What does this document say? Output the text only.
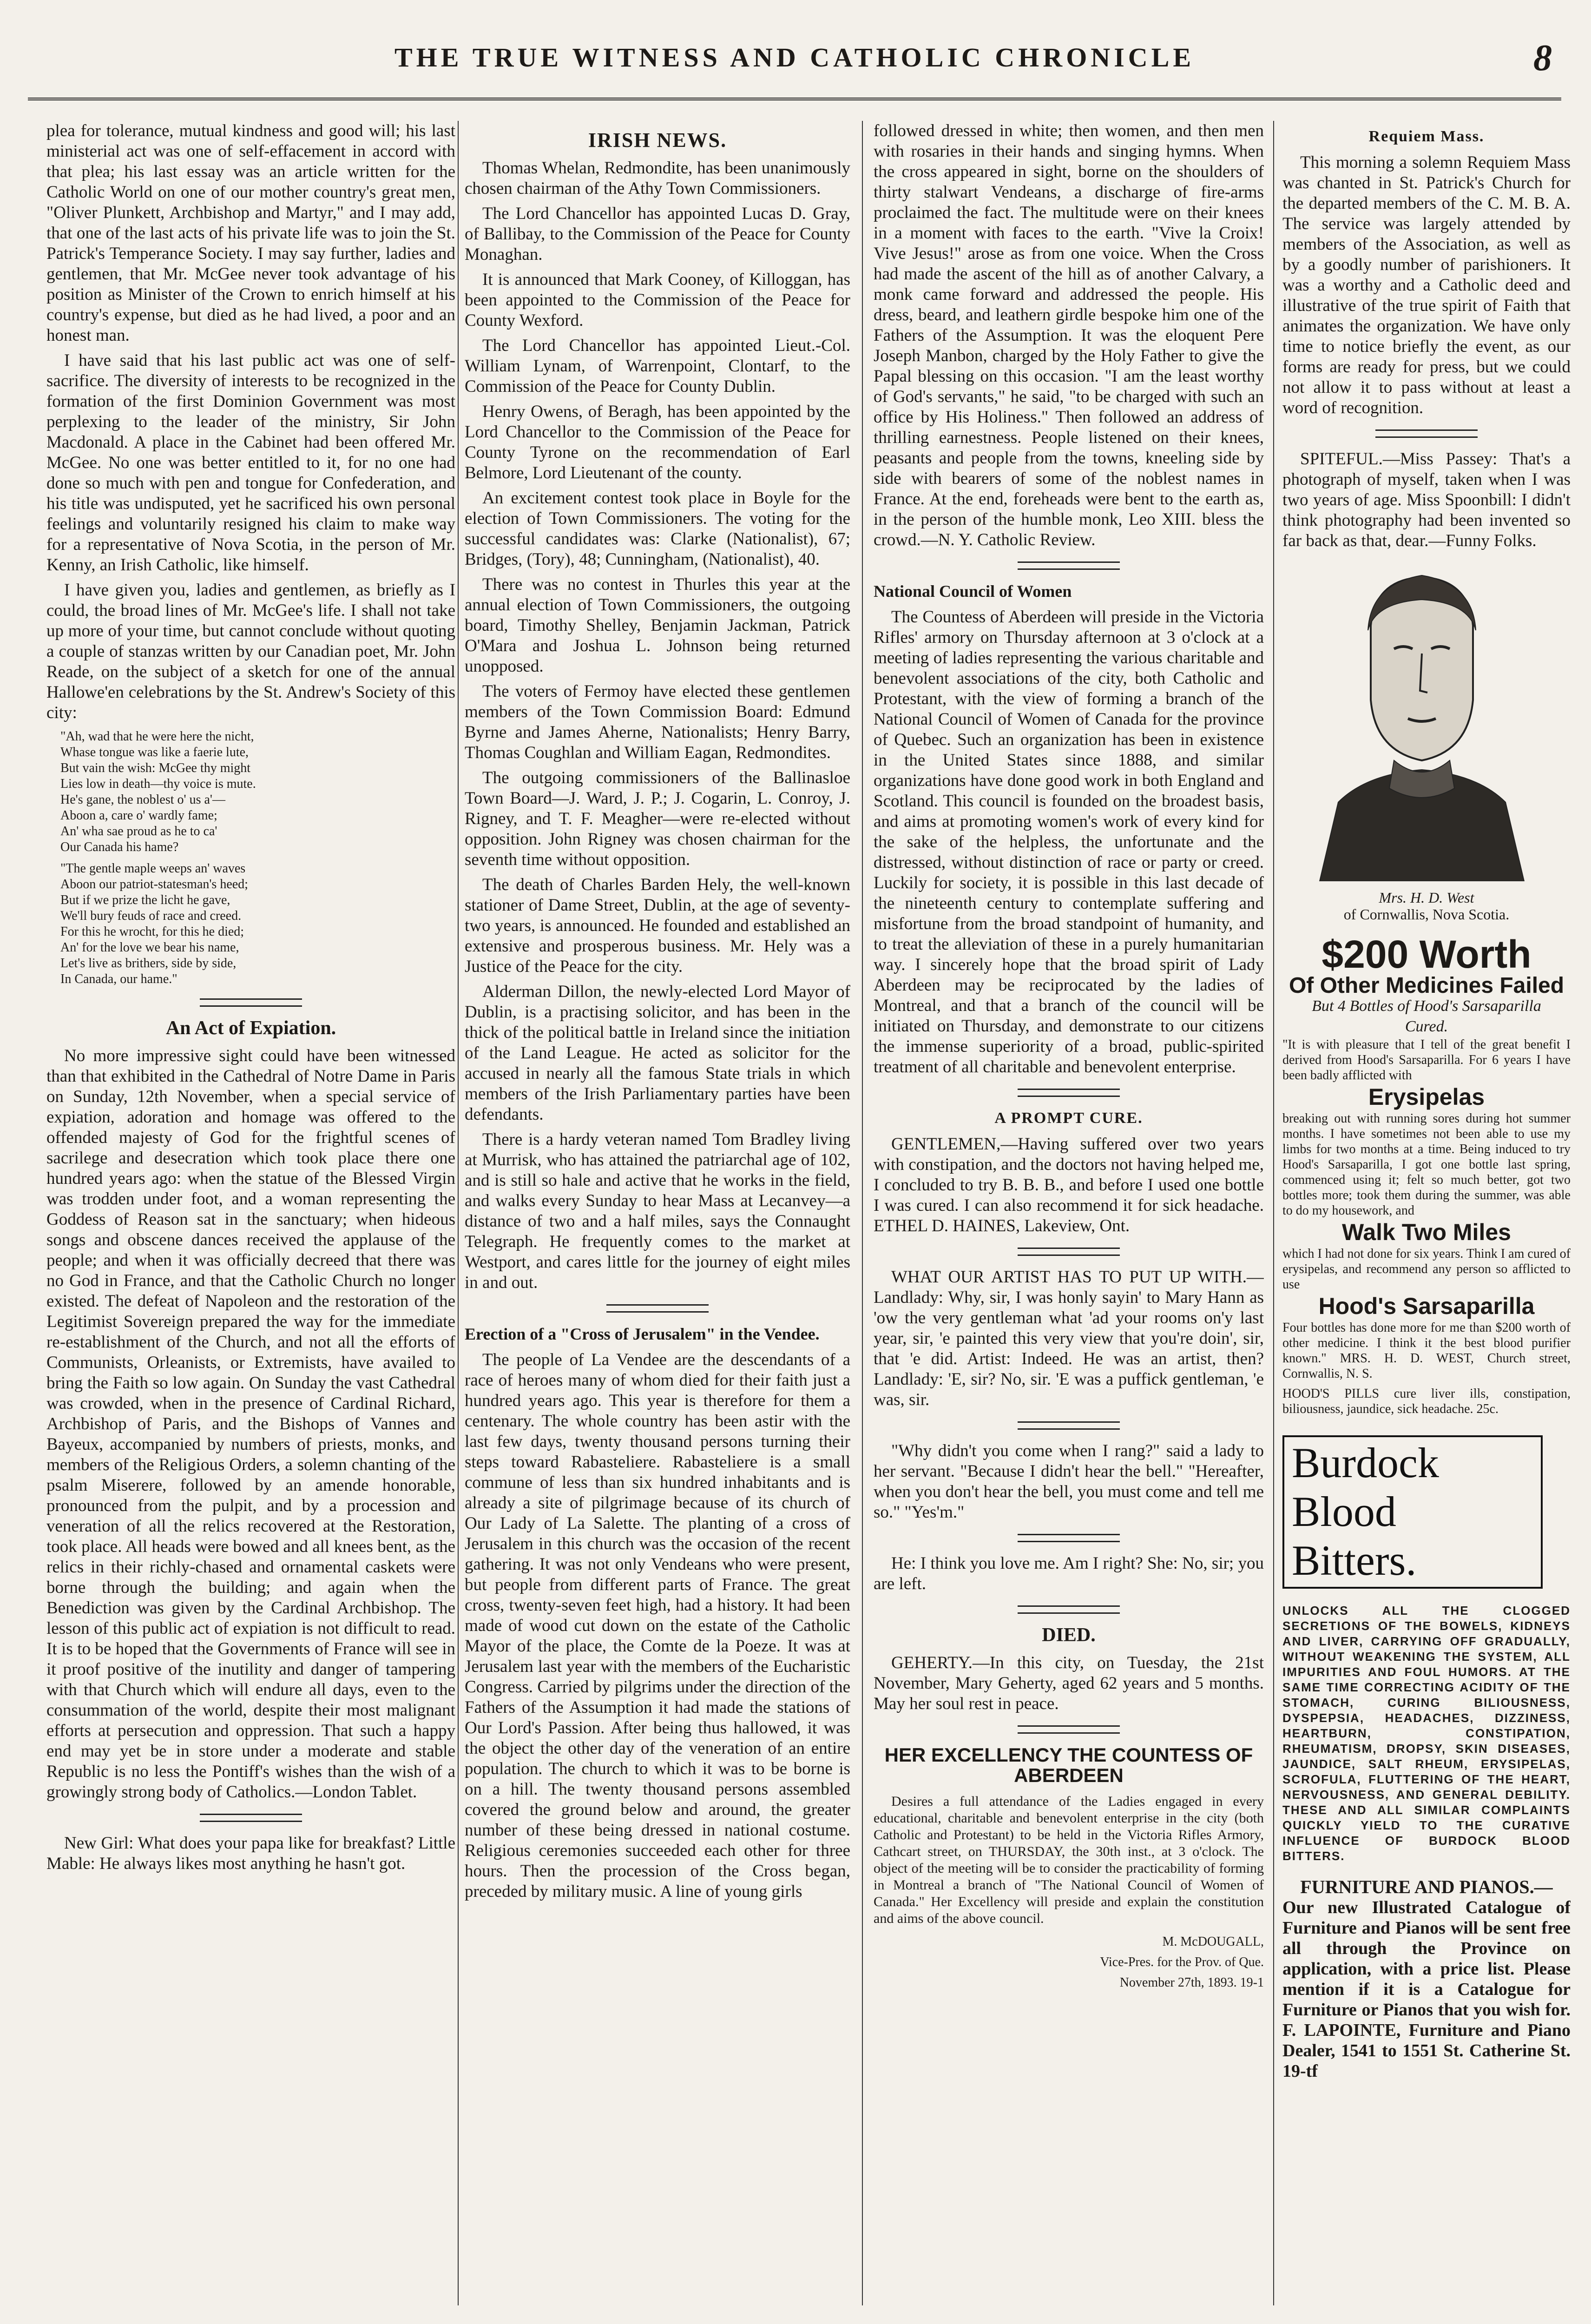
THE TRUE WITNESS AND CATHOLIC CHRONICLE	8

plea for tolerance, mutual kindness and good will; his last ministerial act was one of self-effacement in accord with that plea; his last essay was an article written for the Catholic World on one of our mother country's great men, "Oliver Plunkett, Archbishop and Martyr," and I may add, that one of the last acts of his private life was to join the St. Patrick's Temperance Society. I may say further, ladies and gentlemen, that Mr. McGee never took advantage of his position as Minister of the Crown to enrich himself at his country's expense, but died as he had lived, a poor and an honest man.

I have said that his last public act was one of self-sacrifice. The diversity of interests to be recognized in the formation of the first Dominion Government was most perplexing to the leader of the ministry, Sir John Macdonald. A place in the Cabinet had been offered Mr. McGee. No one was better entitled to it, for no one had done so much with pen and tongue for Confederation, and his title was undisputed, yet he sacrificed his own personal feelings and voluntarily resigned his claim to make way for a representative of Nova Scotia, in the person of Mr. Kenny, an Irish Catholic, like himself.

I have given you, ladies and gentlemen, as briefly as I could, the broad lines of Mr. McGee's life. I shall not take up more of your time, but cannot conclude without quoting a couple of stanzas written by our Canadian poet, Mr. John Reade, on the subject of a sketch for one of the annual Hallowe'en celebrations by the St. Andrew's Society of this city:

"Ah, wad that he were here the nicht,
Whase tongue was like a faerie lute,
But vain the wish: McGee thy might
Lies low in death—thy voice is mute.
He's gane, the noblest o' us a'—
Aboon a, care o' wardly fame;
An' wha sae proud as he to ca'
Our Canada his hame?
"The gentle maple weeps an' waves
Aboon our patriot-statesman's heed;
But if we prize the licht he gave,
We'll bury feuds of race and creed.
For this he wrocht, for this he died;
An' for the love we bear his name,
Let's live as brithers, side by side,
In Canada, our hame."
An Act of Expiation.

No more impressive sight could have been witnessed than that exhibited in the Cathedral of Notre Dame in Paris on Sunday, 12th November, when a special service of expiation, adoration and homage was offered to the offended majesty of God for the frightful scenes of sacrilege and desecration which took place there one hundred years ago: when the statue of the Blessed Virgin was trodden under foot, and a woman representing the Goddess of Reason sat in the sanctuary; when hideous songs and obscene dances received the applause of the people; and when it was officially decreed that there was no God in France, and that the Catholic Church no longer existed. The defeat of Napoleon and the restoration of the Legitimist Sovereign prepared the way for the immediate re-establishment of the Church, and not all the efforts of Communists, Orleanists, or Extremists, have availed to bring the Faith so low again. On Sunday the vast Cathedral was crowded, when in the presence of Cardinal Richard, Archbishop of Paris, and the Bishops of Vannes and Bayeux, accompanied by numbers of priests, monks, and members of the Religious Orders, a solemn chanting of the psalm Miserere, followed by an amende honorable, pronounced from the pulpit, and by a procession and veneration of all the relics recovered at the Restoration, took place. All heads were bowed and all knees bent, as the relics in their richly-chased and ornamental caskets were borne through the building; and again when the Benediction was given by the Cardinal Archbishop. The lesson of this public act of expiation is not difficult to read. It is to be hoped that the Governments of France will see in it proof positive of the inutility and danger of tampering with that Church which will endure all days, even to the consummation of the world, despite their most malignant efforts at persecution and oppression. That such a happy end may yet be in store under a moderate and stable Republic is no less the Pontiff's wishes than the wish of a growingly strong body of Catholics.—London Tablet.

New Girl: What does your papa like for breakfast? Little Mable: He always likes most anything he hasn't got.

IRISH NEWS.

Thomas Whelan, Redmondite, has been unanimously chosen chairman of the Athy Town Commissioners.

The Lord Chancellor has appointed Lucas D. Gray, of Ballibay, to the Commission of the Peace for County Monaghan.

It is announced that Mark Cooney, of Killoggan, has been appointed to the Commission of the Peace for County Wexford.

The Lord Chancellor has appointed Lieut.-Col. William Lynam, of Warrenpoint, Clontarf, to the Commission of the Peace for County Dublin.

Henry Owens, of Beragh, has been appointed by the Lord Chancellor to the Commission of the Peace for County Tyrone on the recommendation of Earl Belmore, Lord Lieutenant of the county.

An excitement contest took place in Boyle for the election of Town Commissioners. The voting for the successful candidates was: Clarke (Nationalist), 67; Bridges, (Tory), 48; Cunningham, (Nationalist), 40.

There was no contest in Thurles this year at the annual election of Town Commissioners, the outgoing board, Timothy Shelley, Benjamin Jackman, Patrick O'Mara and Joshua L. Johnson being returned unopposed.

The voters of Fermoy have elected these gentlemen members of the Town Commission Board: Edmund Byrne and James Aherne, Nationalists; Henry Barry, Thomas Coughlan and William Eagan, Redmondites.

The outgoing commissioners of the Ballinasloe Town Board—J. Ward, J. P.; J. Cogarin, L. Conroy, J. Rigney, and T. F. Meagher—were re-elected without opposition. John Rigney was chosen chairman for the seventh time without opposition.

The death of Charles Barden Hely, the well-known stationer of Dame Street, Dublin, at the age of seventy-two years, is announced. He founded and established an extensive and prosperous business. Mr. Hely was a Justice of the Peace for the city.

Alderman Dillon, the newly-elected Lord Mayor of Dublin, is a practising solicitor, and has been in the thick of the political battle in Ireland since the initiation of the Land League. He acted as solicitor for the accused in nearly all the famous State trials in which members of the Irish Parliamentary parties have been defendants.

There is a hardy veteran named Tom Bradley living at Murrisk, who has attained the patriarchal age of 102, and is still so hale and active that he works in the field, and walks every Sunday to hear Mass at Lecanvey—a distance of two and a half miles, says the Connaught Telegraph. He frequently comes to the market at Westport, and cares little for the journey of eight miles in and out.

Erection of a "Cross of Jerusalem" in the Vendee.

The people of La Vendee are the descendants of a race of heroes many of whom died for their faith just a hundred years ago. This year is therefore for them a centenary. The whole country has been astir with the last few days, twenty thousand persons turning their steps toward Rabasteliere. Rabasteliere is a small commune of less than six hundred inhabitants and is already a site of pilgrimage because of its church of Our Lady of La Salette. The planting of a cross of Jerusalem in this church was the occasion of the recent gathering. It was not only Vendeans who were present, but people from different parts of France. The great cross, twenty-seven feet high, had a history. It had been made of wood cut down on the estate of the Catholic Mayor of the place, the Comte de la Poeze. It was at Jerusalem last year with the members of the Eucharistic Congress. Carried by pilgrims under the direction of the Fathers of the Assumption it had made the stations of Our Lord's Passion. After being thus hallowed, it was the object the other day of the veneration of an entire population. The church to which it was to be borne is on a hill. The twenty thousand persons assembled covered the ground below and around, the greater number of these being dressed in national costume. Religious ceremonies succeeded each other for three hours. Then the procession of the Cross began, preceded by military music. A line of young girls

followed dressed in white; then women, and then men with rosaries in their hands and singing hymns. When the cross appeared in sight, borne on the shoulders of thirty stalwart Vendeans, a discharge of fire-arms proclaimed the fact. The multitude were on their knees in a moment with faces to the earth. "Vive la Croix! Vive Jesus!" arose as from one voice. When the Cross had made the ascent of the hill as of another Calvary, a monk came forward and addressed the people. His dress, beard, and leathern girdle bespoke him one of the Fathers of the Assumption. It was the eloquent Pere Joseph Manbon, charged by the Holy Father to give the Papal blessing on this occasion. "I am the least worthy of God's servants," he said, "to be charged with such an office by His Holiness." Then followed an address of thrilling earnestness. People listened on their knees, peasants and people from the towns, kneeling side by side with bearers of some of the noblest names in France. At the end, foreheads were bent to the earth as, in the person of the humble monk, Leo XIII. bless the crowd.—N. Y. Catholic Review.

National Council of Women

The Countess of Aberdeen will preside in the Victoria Rifles' armory on Thursday afternoon at 3 o'clock at a meeting of ladies representing the various charitable and benevolent associations of the city, both Catholic and Protestant, with the view of forming a branch of the National Council of Women of Canada for the province of Quebec. Such an organization has been in existence in the United States since 1888, and similar organizations have done good work in both England and Scotland. This council is founded on the broadest basis, and aims at promoting women's work of every kind for the sake of the helpless, the unfortunate and the distressed, without distinction of race or party or creed. Luckily for society, it is possible in this last decade of the nineteenth century to contemplate suffering and misfortune from the broad standpoint of humanity, and to treat the alleviation of these in a purely humanitarian way. I sincerely hope that the broad spirit of Lady Aberdeen may be reciprocated by the ladies of Montreal, and that a branch of the council will be initiated on Thursday, and demonstrate to our citizens the immense superiority of a broad, public-spirited treatment of all charitable and benevolent enterprise.

A PROMPT CURE.

GENTLEMEN,—Having suffered over two years with constipation, and the doctors not having helped me, I concluded to try B. B. B., and before I used one bottle I was cured. I can also recommend it for sick headache. ETHEL D. HAINES, Lakeview, Ont.

WHAT OUR ARTIST HAS TO PUT UP WITH.—Landlady: Why, sir, I was honly sayin' to Mary Hann as 'ow the very gentleman what 'ad your rooms on'y last year, sir, 'e painted this very view that you're doin', sir, that 'e did. Artist: Indeed. He was an artist, then? Landlady: 'E, sir? No, sir. 'E was a puffick gentleman, 'e was, sir.

"Why didn't you come when I rang?" said a lady to her servant. "Because I didn't hear the bell." "Hereafter, when you don't hear the bell, you must come and tell me so." "Yes'm."

He: I think you love me. Am I right? She: No, sir; you are left.

DIED.

GEHERTY.—In this city, on Tuesday, the 21st November, Mary Geherty, aged 62 years and 5 months. May her soul rest in peace.

HER EXCELLENCY THE COUNTESS OF ABERDEEN

Desires a full attendance of the Ladies engaged in every educational, charitable and benevolent enterprise in the city (both Catholic and Protestant) to be held in the Victoria Rifles Armory, Cathcart street, on THURSDAY, the 30th inst., at 3 o'clock. The object of the meeting will be to consider the practicability of forming in Montreal a branch of "The National Council of Women of Canada." Her Excellency will preside and explain the constitution and aims of the above council.

M. McDOUGALL,
Vice-Pres. for the Prov. of Que.
November 27th, 1893. 19-1
Requiem Mass.

This morning a solemn Requiem Mass was chanted in St. Patrick's Church for the departed members of the C. M. B. A. The service was largely attended by members of the Association, as well as by a goodly number of parishioners. It was a worthy and a Catholic deed and illustrative of the true spirit of Faith that animates the organization. We have only time to notice briefly the event, as our forms are ready for press, but we could not allow it to pass without at least a word of recognition.

SPITEFUL.—Miss Passey: That's a photograph of myself, taken when I was two years of age. Miss Spoonbill: I didn't think photography had been invented so far back as that, dear.—Funny Folks.

Mrs. H. D. West
of Cornwallis, Nova Scotia.
$200 Worth
Of Other Medicines Failed
But 4 Bottles of Hood's Sarsaparilla
Cured.
"It is with pleasure that I tell of the great benefit I derived from Hood's Sarsaparilla. For 6 years I have been badly afflicted with
Erysipelas
breaking out with running sores during hot summer months. I have sometimes not been able to use my limbs for two months at a time. Being induced to try Hood's Sarsaparilla, I got one bottle last spring, commenced using it; felt so much better, got two bottles more; took them during the summer, was able to do my housework, and
Walk Two Miles
which I had not done for six years. Think I am cured of erysipelas, and recommend any person so afflicted to use
Hood's Sarsaparilla
Four bottles has done more for me than $200 worth of other medicine. I think it the best blood purifier known." MRS. H. D. WEST, Church street, Cornwallis, N. S.
HOOD'S PILLS cure liver ills, constipation, biliousness, jaundice, sick headache. 25c.
Burdock
Blood
Bitters.
UNLOCKS ALL THE CLOGGED SECRETIONS OF THE BOWELS, KIDNEYS AND LIVER, CARRYING OFF GRADUALLY, WITHOUT WEAKENING THE SYSTEM, ALL IMPURITIES AND FOUL HUMORS. AT THE SAME TIME CORRECTING ACIDITY OF THE STOMACH, CURING BILIOUSNESS, DYSPEPSIA, HEADACHES, DIZZINESS, HEARTBURN, CONSTIPATION, RHEUMATISM, DROPSY, SKIN DISEASES, JAUNDICE, SALT RHEUM, ERYSIPELAS, SCROFULA, FLUTTERING OF THE HEART, NERVOUSNESS, AND GENERAL DEBILITY. THESE AND ALL SIMILAR COMPLAINTS QUICKLY YIELD TO THE CURATIVE INFLUENCE OF BURDOCK BLOOD BITTERS.
FURNITURE AND PIANOS.—
Our new Illustrated Catalogue of Furniture and Pianos will be sent free all through the Province on application, with a price list. Please mention if it is a Catalogue for Furniture or Pianos that you wish for. F. LAPOINTE, Furniture and Piano Dealer, 1541 to 1551 St. Catherine St. 19-tf
